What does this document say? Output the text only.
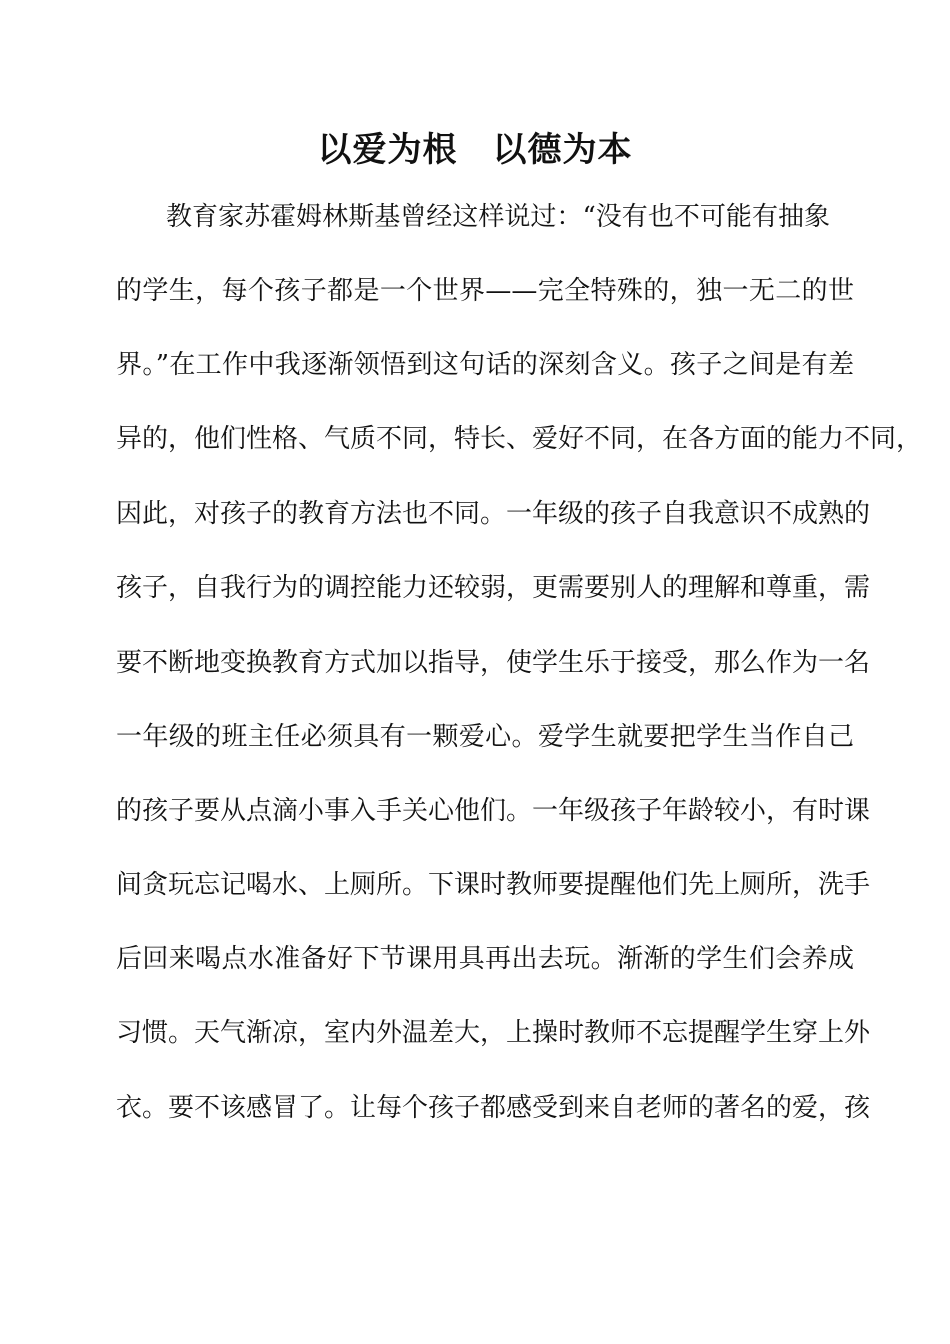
以爱为根　以德为本
教育家苏霍姆林斯基曾经这样说过：“没有也不可能有抽象
的学生，每个孩子都是一个世界——完全特殊的，独一无二的世
界。”在工作中我逐渐领悟到这句话的深刻含义。孩子之间是有差
异的，他们性格、气质不同，特长、爱好不同，在各方面的能力不同，
因此，对孩子的教育方法也不同。一年级的孩子自我意识不成熟的
孩子，自我行为的调控能力还较弱，更需要别人的理解和尊重，需
要不断地变换教育方式加以指导，使学生乐于接受，那么作为一名
一年级的班主任必须具有一颗爱心。爱学生就要把学生当作自己
的孩子要从点滴小事入手关心他们。一年级孩子年龄较小，有时课
间贪玩忘记喝水、上厕所。下课时教师要提醒他们先上厕所，洗手
后回来喝点水准备好下节课用具再出去玩。渐渐的学生们会养成
习惯。天气渐凉，室内外温差大，上操时教师不忘提醒学生穿上外
衣。要不该感冒了。让每个孩子都感受到来自老师的著名的爱，孩
